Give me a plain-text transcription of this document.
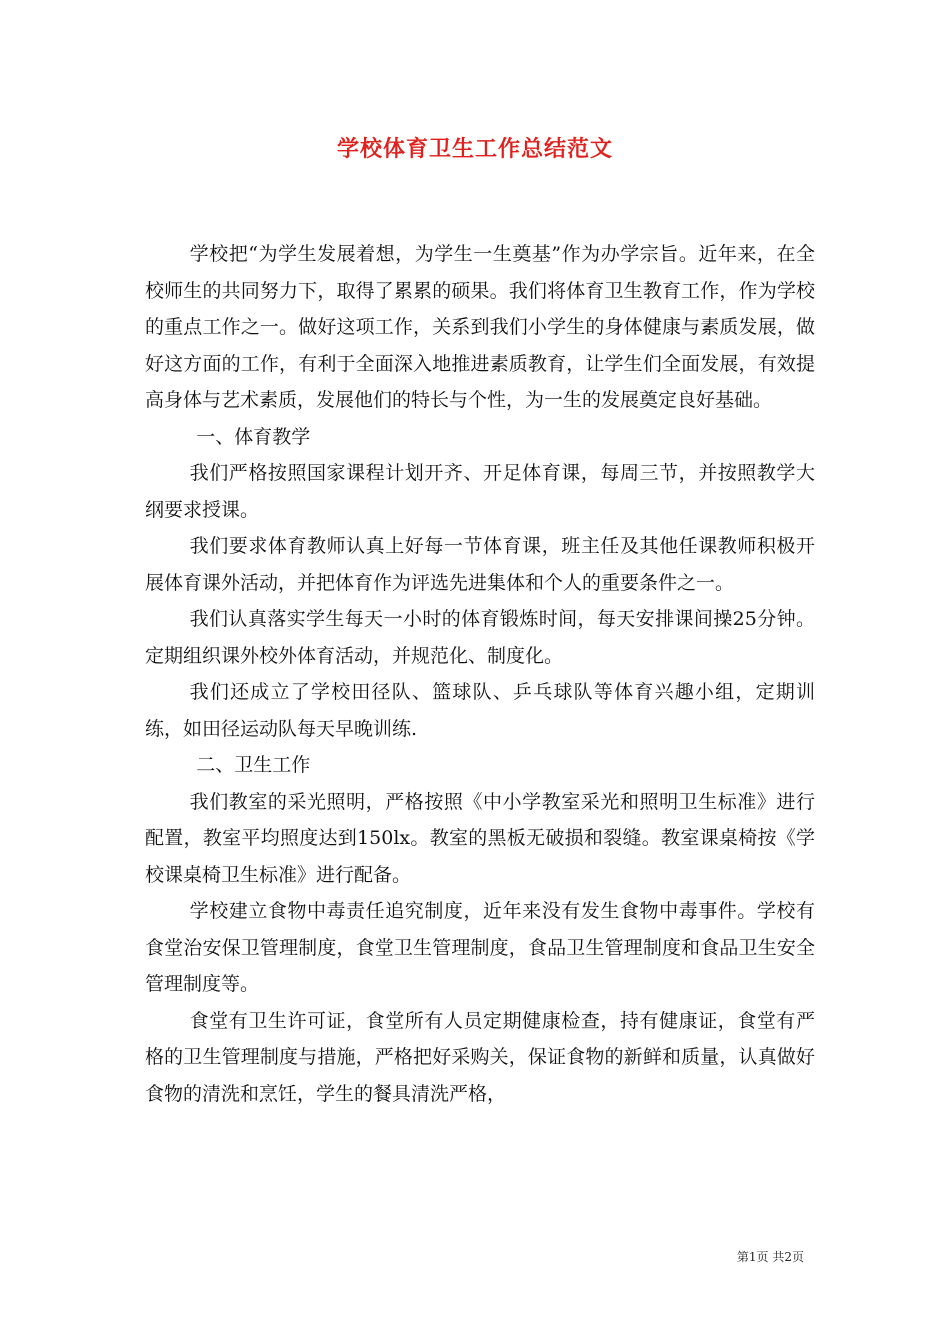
学校体育卫生工作总结范文

学校把“为学生发展着想，为学生一生奠基”作为办学宗旨。近年来，在全校师生的共同努力下，取得了累累的硕果。我们将体育卫生教育工作，作为学校的重点工作之一。做好这项工作，关系到我们小学生的身体健康与素质发展，做好这方面的工作，有利于全面深入地推进素质教育，让学生们全面发展，有效提高身体与艺术素质，发展他们的特长与个性，为一生的发展奠定良好基础。

一、体育教学

我们严格按照国家课程计划开齐、开足体育课，每周三节，并按照教学大纲要求授课。

我们要求体育教师认真上好每一节体育课，班主任及其他任课教师积极开展体育课外活动，并把体育作为评选先进集体和个人的重要条件之一。

我们认真落实学生每天一小时的体育锻炼时间，每天安排课间操25分钟。定期组织课外校外体育活动，并规范化、制度化。

我们还成立了学校田径队、篮球队、乒乓球队等体育兴趣小组，定期训练，如田径运动队每天早晚训练.

二、卫生工作

我们教室的采光照明，严格按照《中小学教室采光和照明卫生标准》进行配置，教室平均照度达到150lx。教室的黑板无破损和裂缝。教室课桌椅按《学校课桌椅卫生标准》进行配备。

学校建立食物中毒责任追究制度，近年来没有发生食物中毒事件。学校有食堂治安保卫管理制度，食堂卫生管理制度，食品卫生管理制度和食品卫生安全管理制度等。

食堂有卫生许可证，食堂所有人员定期健康检查，持有健康证，食堂有严格的卫生管理制度与措施，严格把好采购关，保证食物的新鲜和质量，认真做好食物的清洗和烹饪，学生的餐具清洗严格，

第1页 共2页
